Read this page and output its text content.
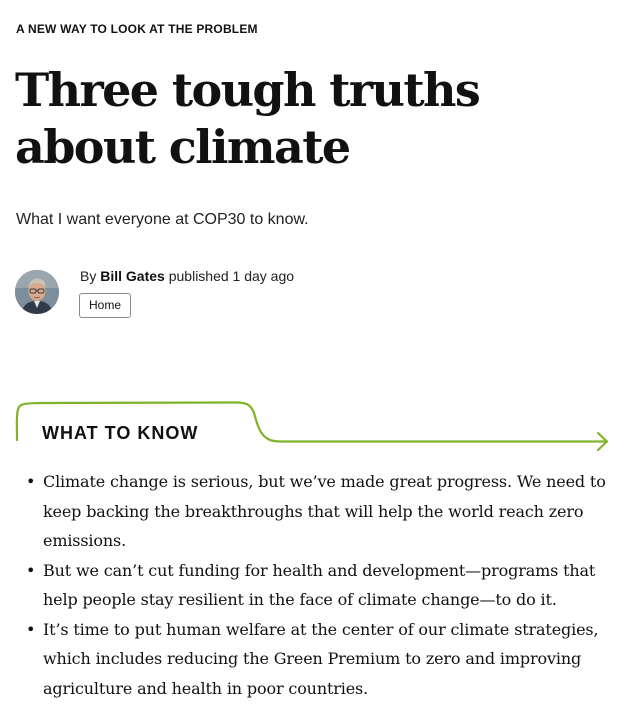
A NEW WAY TO LOOK AT THE PROBLEM
Three tough truths
about climate
What I want everyone at COP30 to know.
By Bill Gates published 1 day ago
Home
WHAT TO KNOW
• Climate change is serious, but we’ve made great progress. We need to keep backing the breakthroughs that will help the world reach zero emissions.
• But we can’t cut funding for health and development—programs that help people stay resilient in the face of climate change—to do it.
• It’s time to put human welfare at the center of our climate strategies, which includes reducing the Green Premium to zero and improving agriculture and health in poor countries.
